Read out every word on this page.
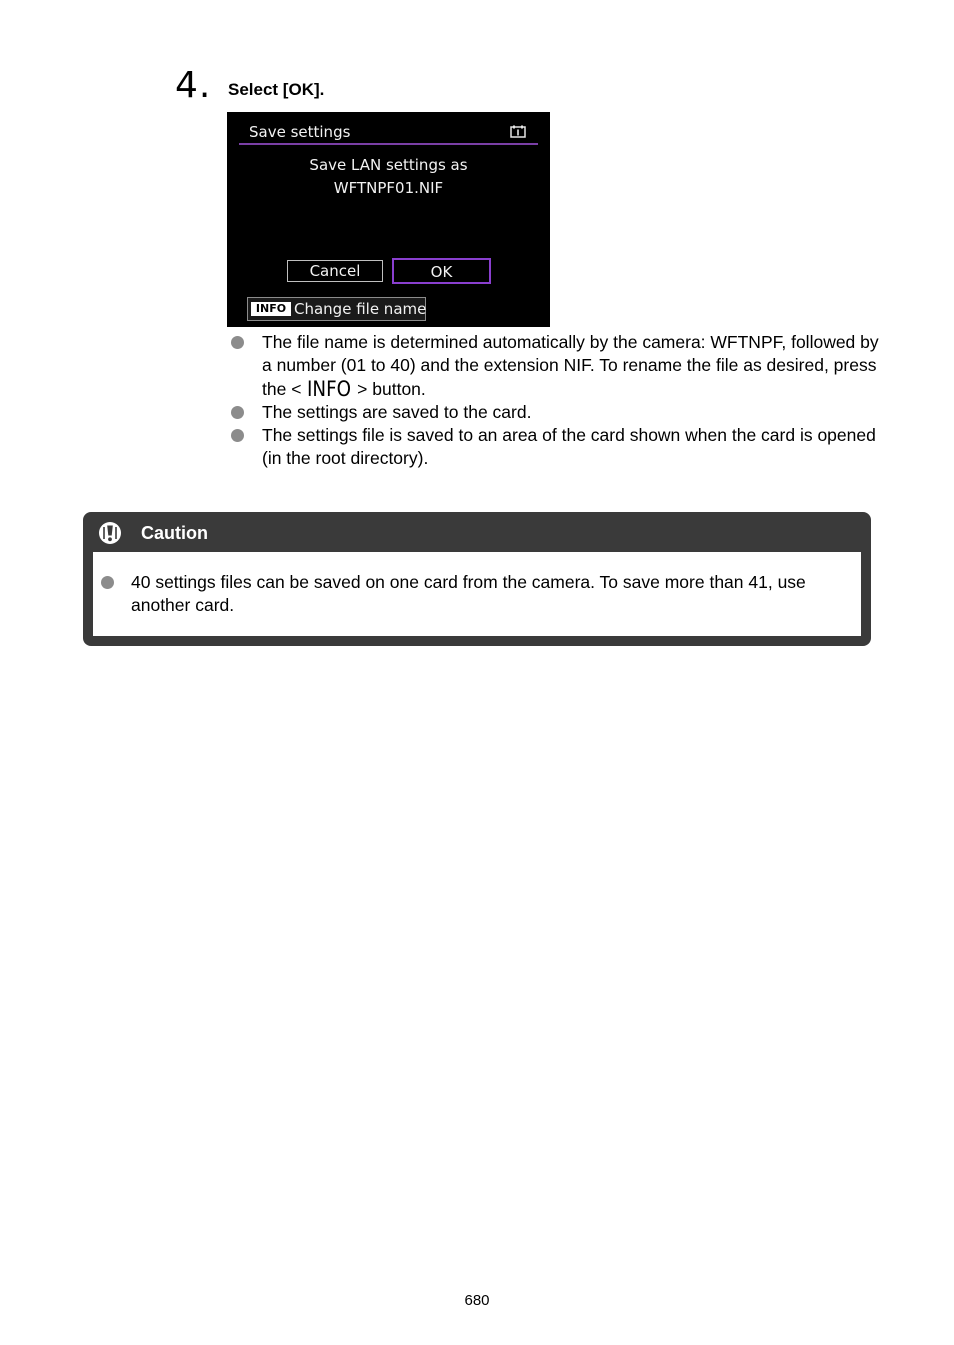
4. Select [OK].
Save settings
Save LAN settings as
WFTNPF01.NIF
Cancel	OK
INFO Change file name
The file name is determined automatically by the camera: WFTNPF, followed by a number (01 to 40) and the extension NIF. To rename the file as desired, press the < INFO > button.
The settings are saved to the card.
The settings file is saved to an area of the card shown when the card is opened (in the root directory).
Caution
40 settings files can be saved on one card from the camera. To save more than 41, use another card.
680
